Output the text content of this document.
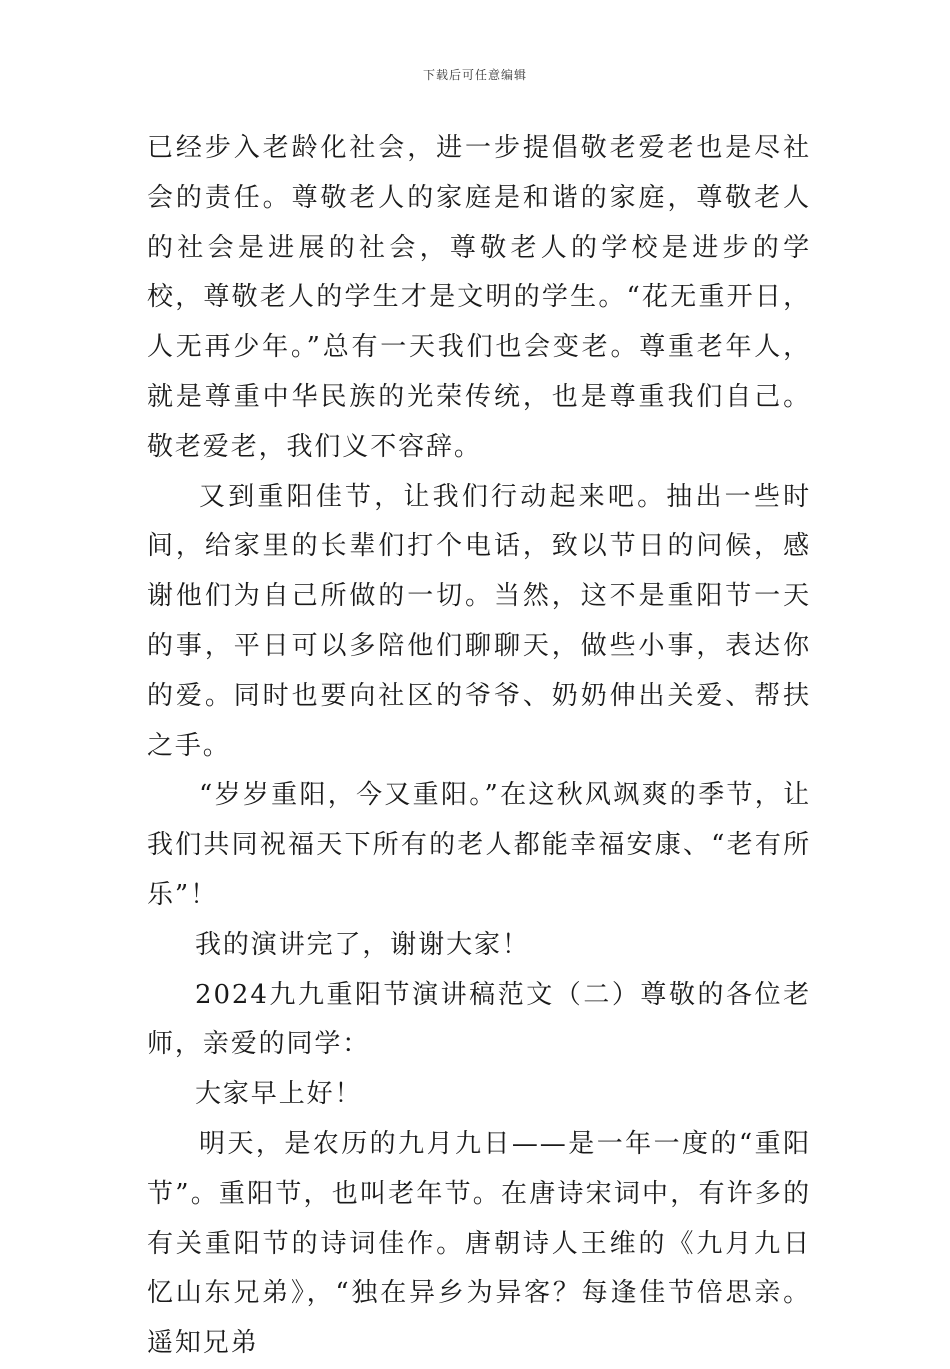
下载后可任意编辑

已经步入老龄化社会，进一步提倡敬老爱老也是尽社会的责任。尊敬老人的家庭是和谐的家庭，尊敬老人的社会是进展的社会，尊敬老人的学校是进步的学校，尊敬老人的学生才是文明的学生。“花无重开日，人无再少年。”总有一天我们也会变老。尊重老年人，就是尊重中华民族的光荣传统，也是尊重我们自己。敬老爱老，我们义不容辞。

又到重阳佳节，让我们行动起来吧。抽出一些时间，给家里的长辈们打个电话，致以节日的问候，感谢他们为自己所做的一切。当然，这不是重阳节一天的事，平日可以多陪他们聊聊天，做些小事，表达你的爱。同时也要向社区的爷爷、奶奶伸出关爱、帮扶之手。

“岁岁重阳，今又重阳。”在这秋风飒爽的季节，让我们共同祝福天下所有的老人都能幸福安康、“老有所乐”！

我的演讲完了，谢谢大家！

2024九九重阳节演讲稿范文（二）尊敬的各位老师，亲爱的同学：

大家早上好！

明天，是农历的九月九日——是一年一度的“重阳节”。重阳节，也叫老年节。在唐诗宋词中，有许多的有关重阳节的诗词佳作。唐朝诗人王维的《九月九日忆山东兄弟》，“独在异乡为异客？每逢佳节倍思亲。遥知兄弟
